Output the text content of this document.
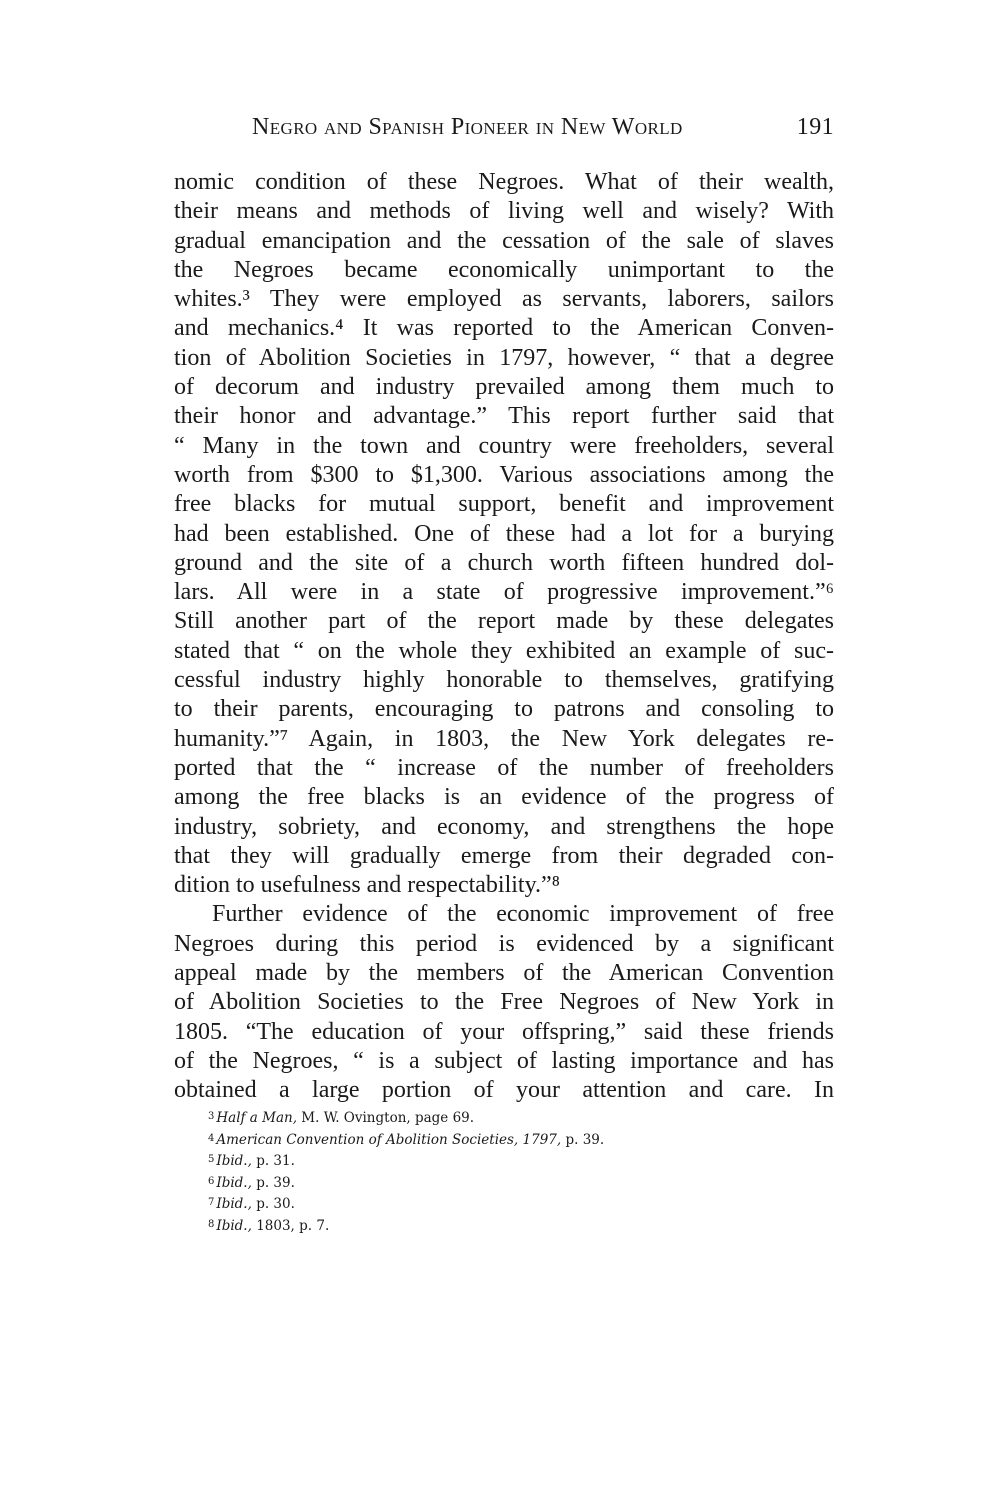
Negro and Spanish Pioneer in New World	191
nomic condition of these Negroes. What of their wealth,
their means and methods of living well and wisely? With
gradual emancipation and the cessation of the sale of slaves
the Negroes became economically unimportant to the
whites.³ They were employed as servants, laborers, sailors
and mechanics.⁴ It was reported to the American Conven-
tion of Abolition Societies in 1797, however, “ that a degree
of decorum and industry prevailed among them much to
their honor and advantage.” This report further said that
“ Many in the town and country were freeholders, several
worth from $300 to $1,300. Various associations among the
free blacks for mutual support, benefit and improvement
had been established. One of these had a lot for a burying
ground and the site of a church worth fifteen hundred dol-
lars. All were in a state of progressive improvement.”⁶
Still another part of the report made by these delegates
stated that “ on the whole they exhibited an example of suc-
cessful industry highly honorable to themselves, gratifying
to their parents, encouraging to patrons and consoling to
humanity.”⁷ Again, in 1803, the New York delegates re-
ported that the “ increase of the number of freeholders
among the free blacks is an evidence of the progress of
industry, sobriety, and economy, and strengthens the hope
that they will gradually emerge from their degraded con-
dition to usefulness and respectability.”⁸
Further evidence of the economic improvement of free
Negroes during this period is evidenced by a significant
appeal made by the members of the American Convention
of Abolition Societies to the Free Negroes of New York in
1805. “The education of your offspring,” said these friends
of the Negroes, “ is a subject of lasting importance and has
obtained a large portion of your attention and care. In
$^3$ Half a Man, M. W. Ovington, page 69.
$^4$ American Convention of Abolition Societies, 1797, p. 39.
$^5$ Ibid., p. 31.
$^6$ Ibid., p. 39.
$^7$ Ibid., p. 30.
$^8$ Ibid., 1803, p. 7.
